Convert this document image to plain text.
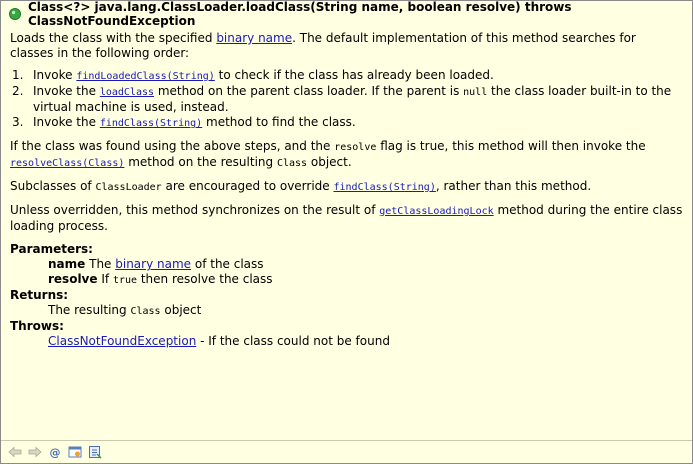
Class<?> java.lang.ClassLoader.loadClass(String name, boolean resolve) throws ClassNotFoundException

Loads the class with the specified binary name. The default implementation of this method searches for classes in the following order:

1. Invoke findLoadedClass(String) to check if the class has already been loaded.
2. Invoke the loadClass method on the parent class loader. If the parent is null the class loader built-in to the virtual machine is used, instead.
3. Invoke the findClass(String) method to find the class.

If the class was found using the above steps, and the resolve flag is true, this method will then invoke the resolveClass(Class) method on the resulting Class object.

Subclasses of ClassLoader are encouraged to override findClass(String), rather than this method.

Unless overridden, this method synchronizes on the result of getClassLoadingLock method during the entire class loading process.

Parameters:
name The binary name of the class
resolve If true then resolve the class
Returns:
The resulting Class object
Throws:
ClassNotFoundException - If the class could not be found
@
